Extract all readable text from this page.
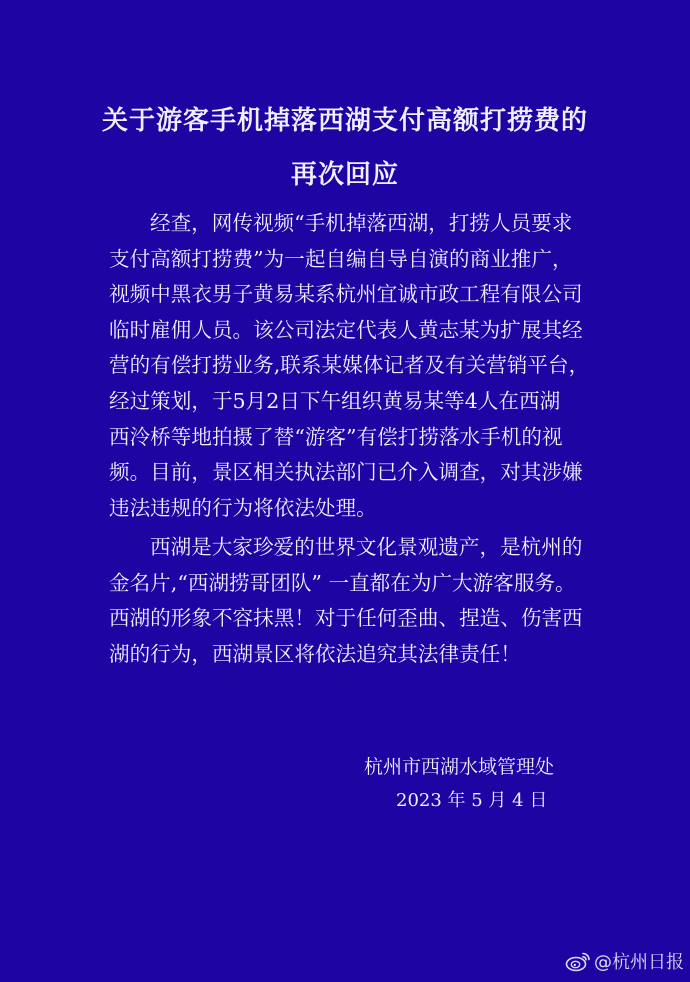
关于游客手机掉落西湖支付高额打捞费的
再次回应
经查，网传视频“手机掉落西湖，打捞人员要求
支付高额打捞费”为一起自编自导自演的商业推广，
视频中黑衣男子黄易某系杭州宜诚市政工程有限公司
临时雇佣人员。该公司法定代表人黄志某为扩展其经
营的有偿打捞业务,联系某媒体记者及有关营销平台，
经过策划，于5月2日下午组织黄易某等4人在西湖
西泠桥等地拍摄了替“游客”有偿打捞落水手机的视
频。目前，景区相关执法部门已介入调查，对其涉嫌
违法违规的行为将依法处理。
西湖是大家珍爱的世界文化景观遗产，是杭州的
金名片,“西湖捞哥团队” 一直都在为广大游客服务。
西湖的形象不容抹黑！对于任何歪曲、捏造、伤害西
湖的行为，西湖景区将依法追究其法律责任！
杭州市西湖水域管理处
2023 年 5 月 4 日
@杭州日报
